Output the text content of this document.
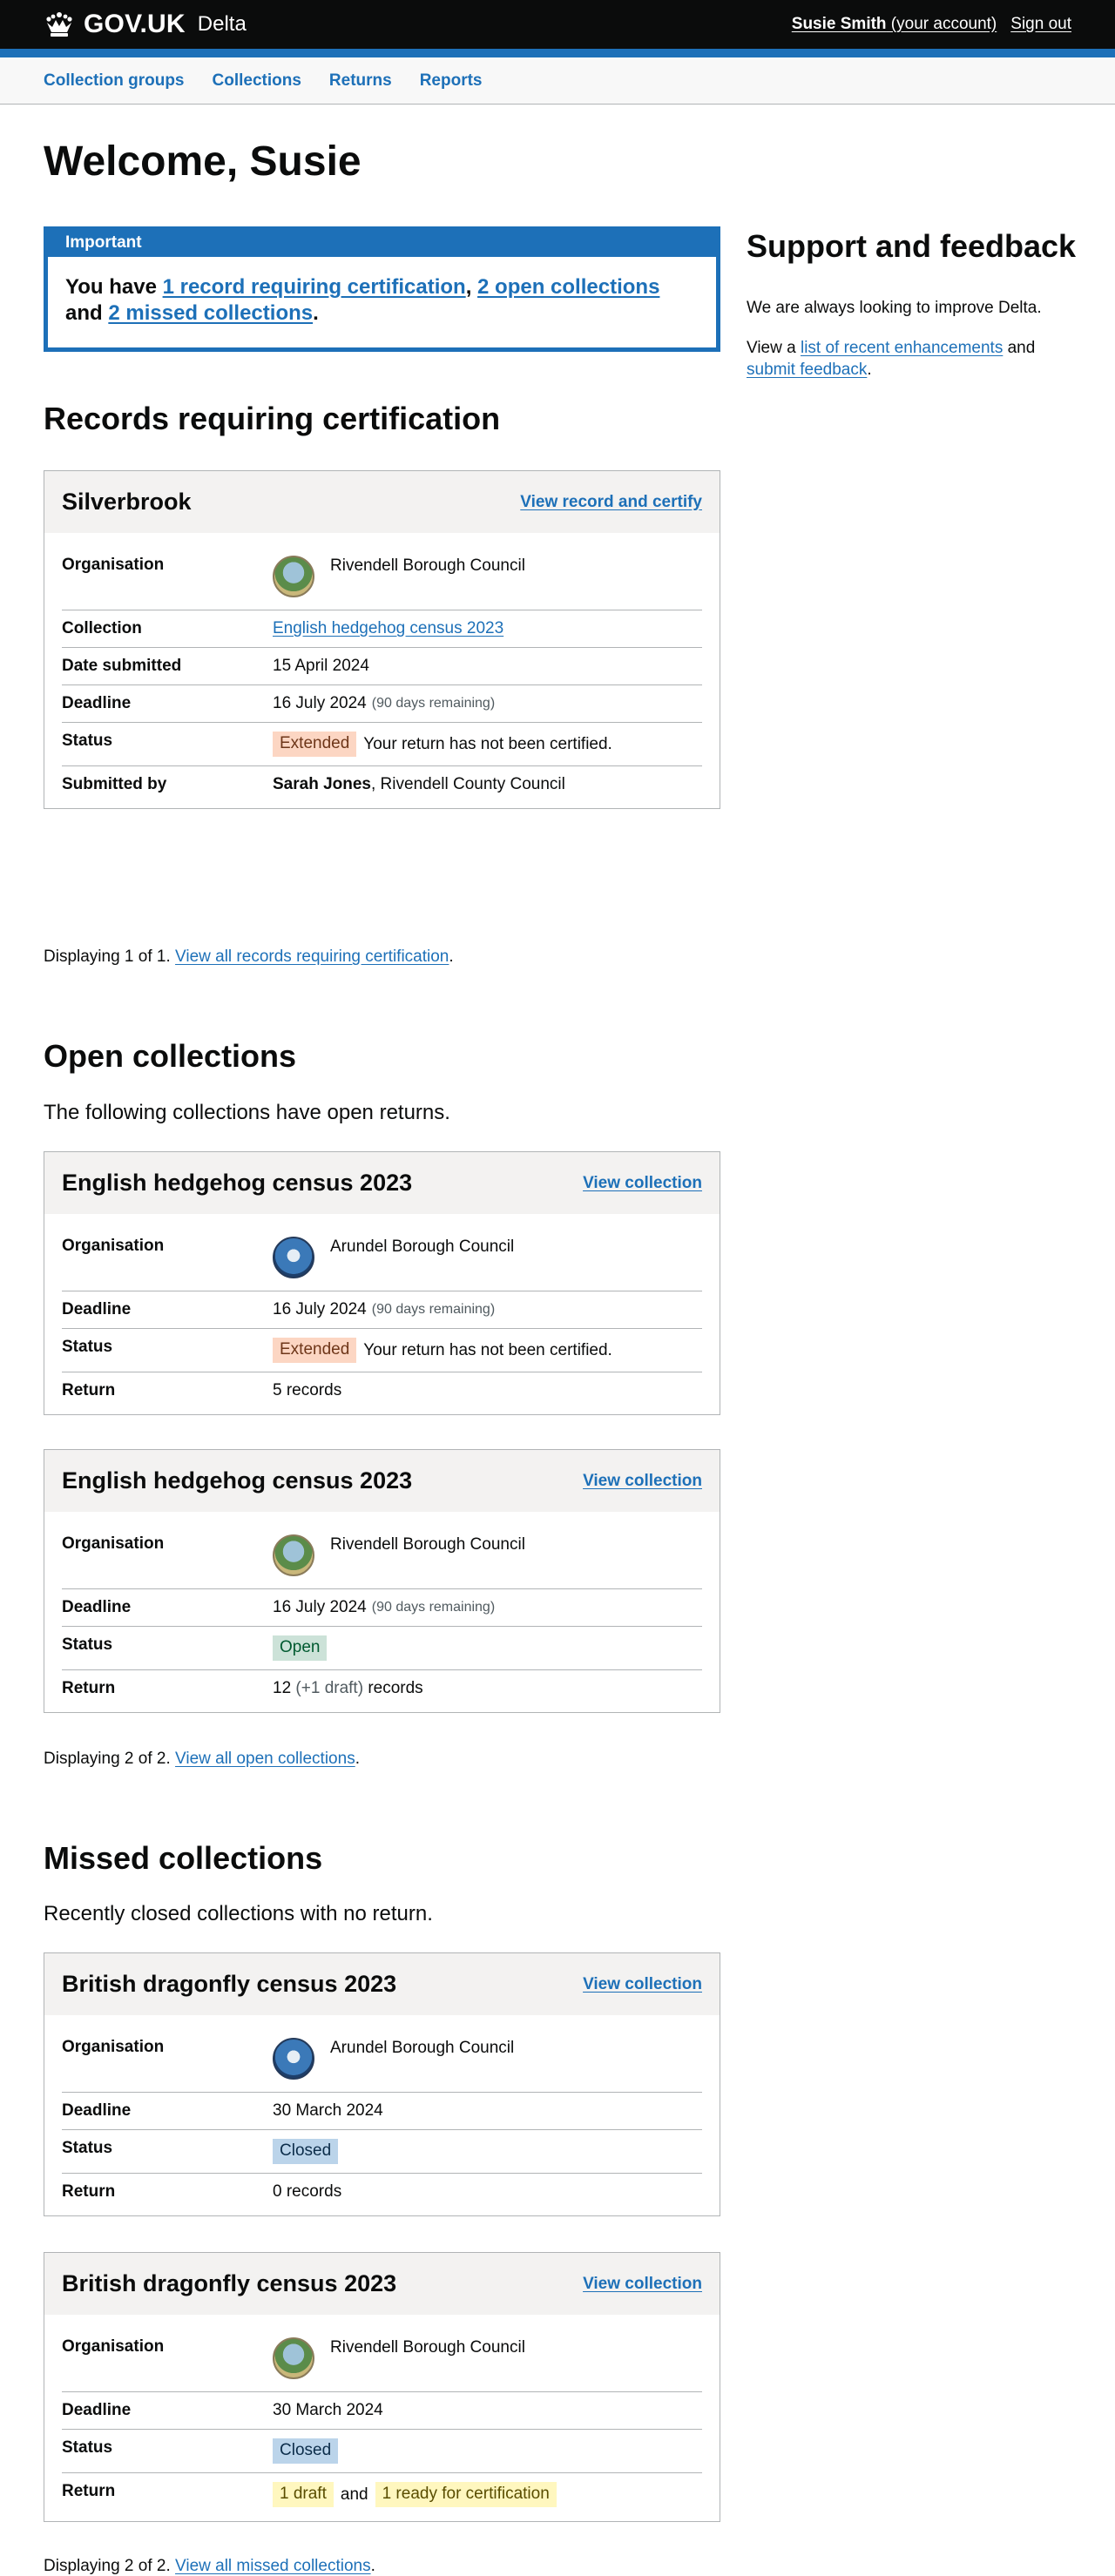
GOV.UK Delta	Susie Smith (your account) Sign out
Collection groups Collections Returns Reports
Welcome, Susie
Important
You have 1 record requiring certification, 2 open collections and 2 missed collections.
Support and feedback

We are always looking to improve Delta.

View a list of recent enhancements and submit feedback.

Records requiring certification
Silverbrook	View record and certify
Organisation	Rivendell Borough Council
Collection	English hedgehog census 2023
Date submitted	15 April 2024
Deadline	16 July 2024 (90 days remaining)
Status	Extended Your return has not been certified.
Submitted by	Sarah Jones , Rivendell County Council

Displaying 1 of 1. View all records requiring certification.

Open collections

The following collections have open returns.

English hedgehog census 2023	View collection
Organisation	Arundel Borough Council
Deadline	16 July 2024 (90 days remaining)
Status	Extended Your return has not been certified.
Return	5 records
English hedgehog census 2023	View collection
Organisation	Rivendell Borough Council
Deadline	16 July 2024 (90 days remaining)
Status	Open
Return	12 (+1 draft) records

Displaying 2 of 2. View all open collections.

Missed collections

Recently closed collections with no return.

British dragonfly census 2023	View collection
Organisation	Arundel Borough Council
Deadline	30 March 2024
Status	Closed
Return	0 records
British dragonfly census 2023	View collection
Organisation	Rivendell Borough Council
Deadline	30 March 2024
Status	Closed
Return	1 draft and 1 ready for certification

Displaying 2 of 2. View all missed collections.
